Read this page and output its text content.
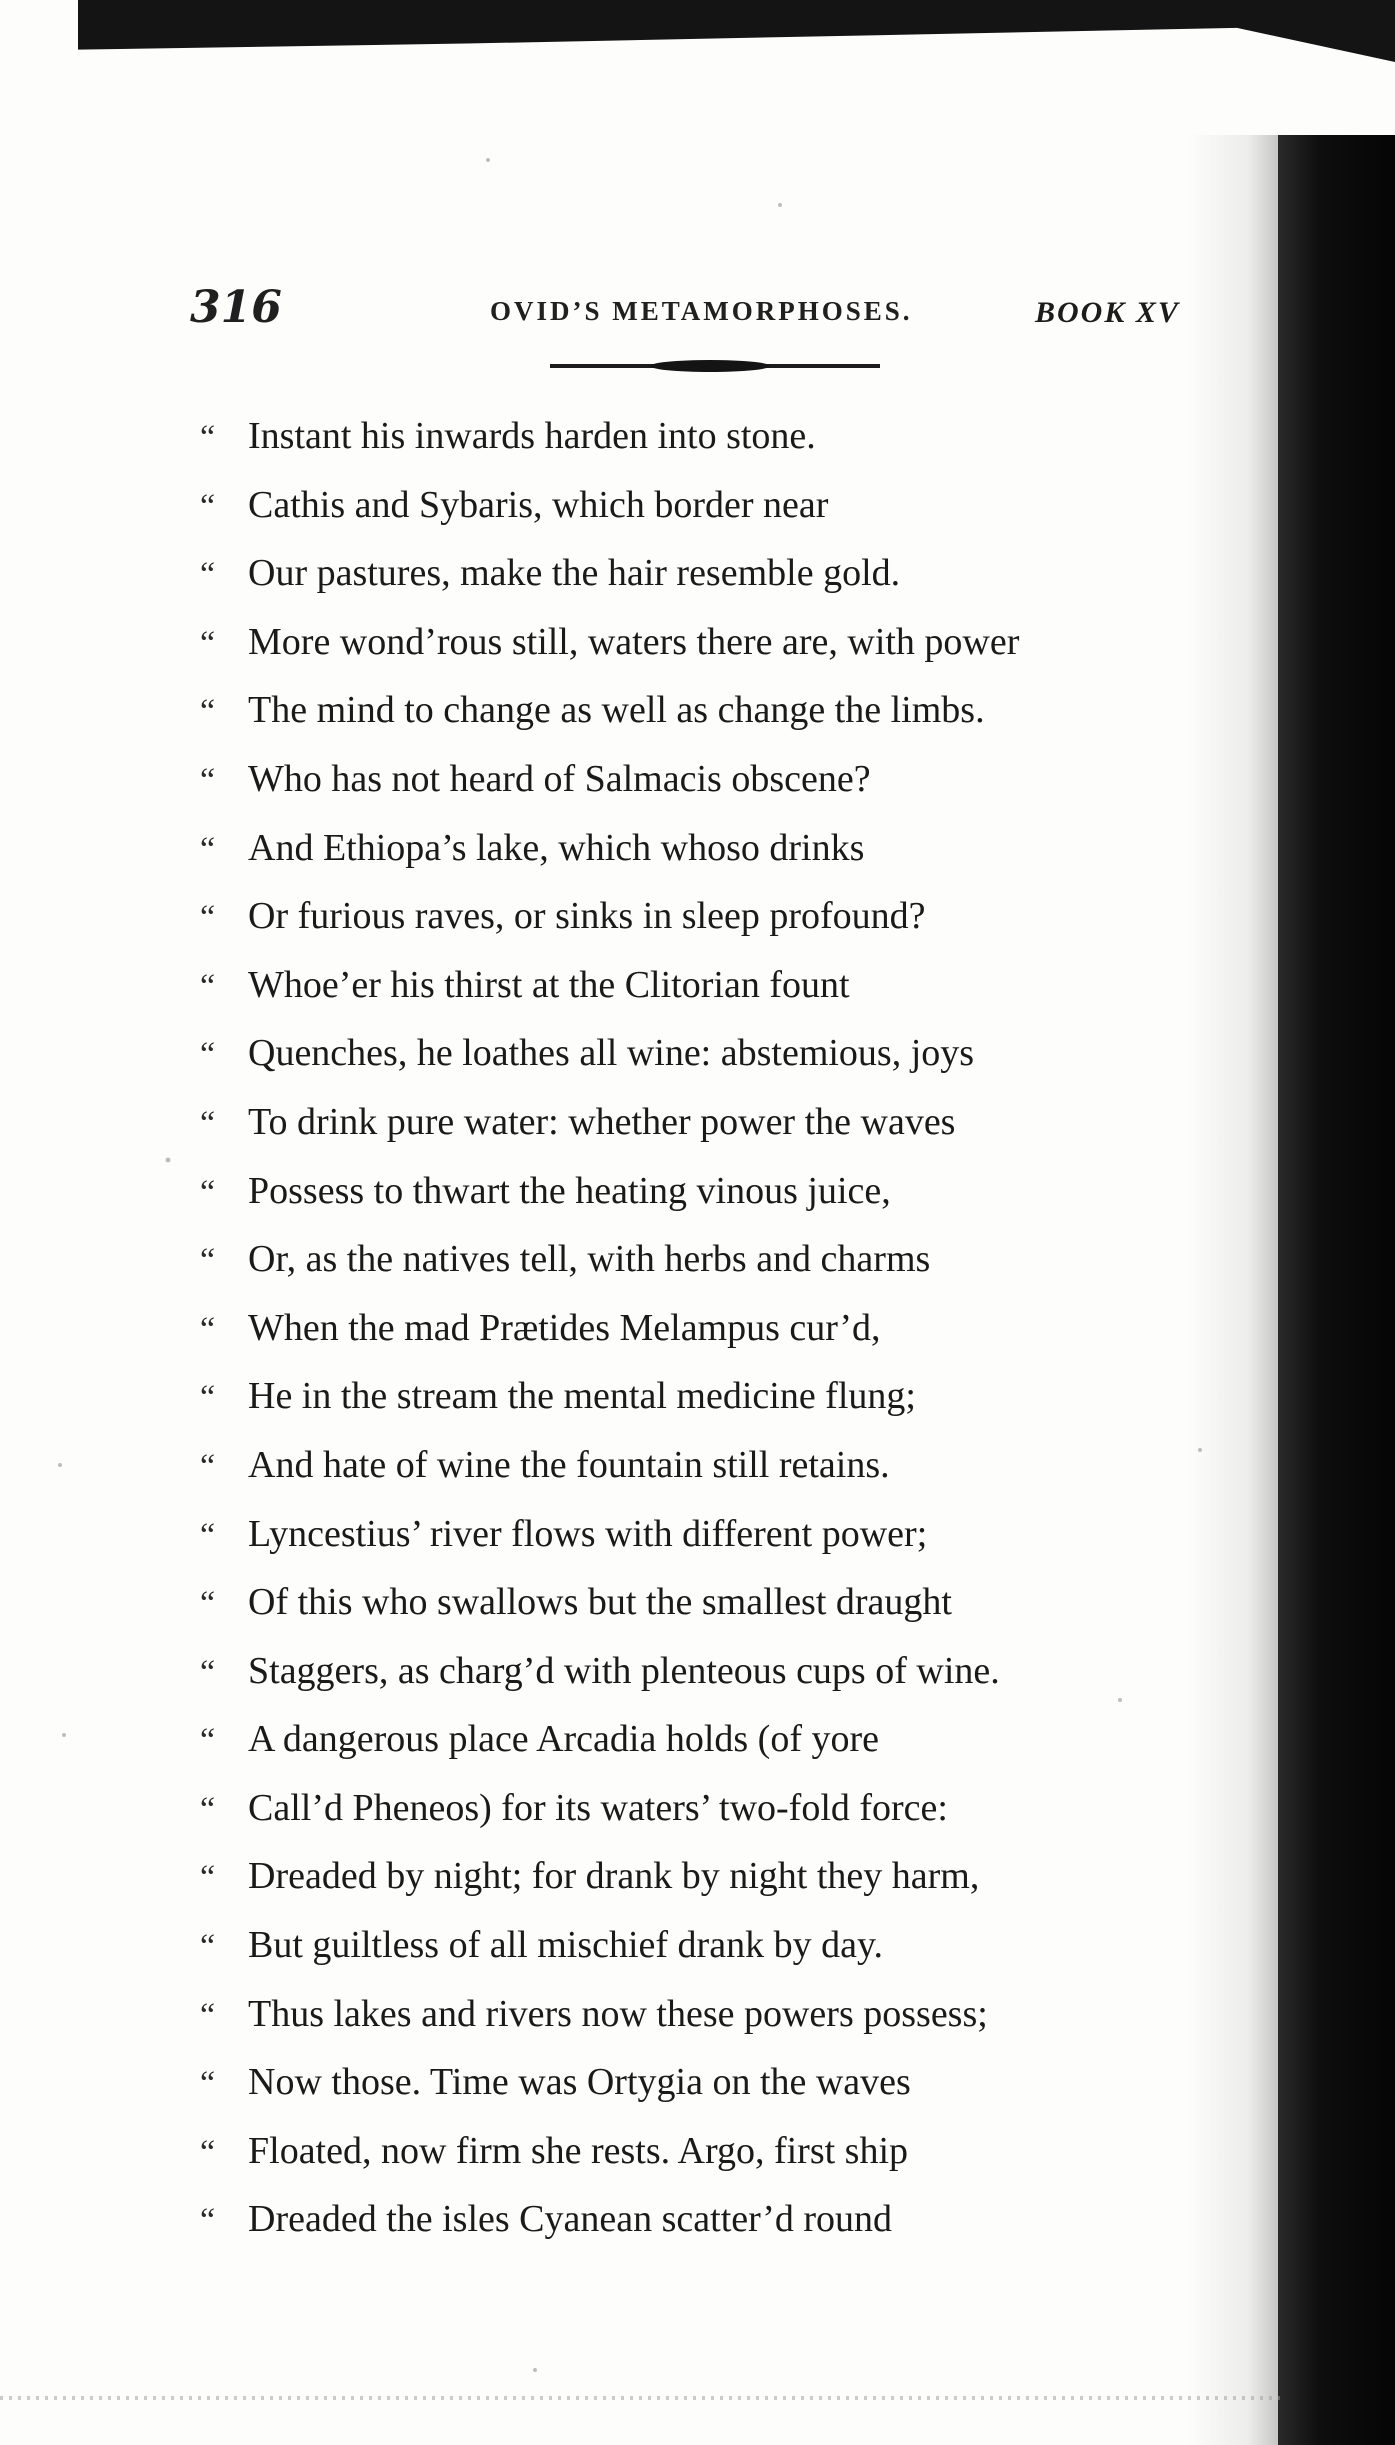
316	OVID’S METAMORPHOSES.	BOOK XV
“ Instant his inwards harden into stone.
“ Cathis and Sybaris, which border near
“ Our pastures, make the hair resemble gold.
“ More wond’rous still, waters there are, with power
“ The mind to change as well as change the limbs.
“ Who has not heard of Salmacis obscene?
“ And Ethiopa’s lake, which whoso drinks
“ Or furious raves, or sinks in sleep profound?
“ Whoe’er his thirst at the Clitorian fount
“ Quenches, he loathes all wine: abstemious, joys
“ To drink pure water: whether power the waves
“ Possess to thwart the heating vinous juice,
“ Or, as the natives tell, with herbs and charms
“ When the mad Prætides Melampus cur’d,
“ He in the stream the mental medicine flung;
“ And hate of wine the fountain still retains.
“ Lyncestius’ river flows with different power;
“ Of this who swallows but the smallest draught
“ Staggers, as charg’d with plenteous cups of wine.
“ A dangerous place Arcadia holds (of yore
“ Call’d Pheneos) for its waters’ two-fold force:
“ Dreaded by night; for drank by night they harm,
“ But guiltless of all mischief drank by day.
“ Thus lakes and rivers now these powers possess;
“ Now those. Time was Ortygia on the waves
“ Floated, now firm she rests. Argo, first ship
“ Dreaded the isles Cyanean scatter’d round
